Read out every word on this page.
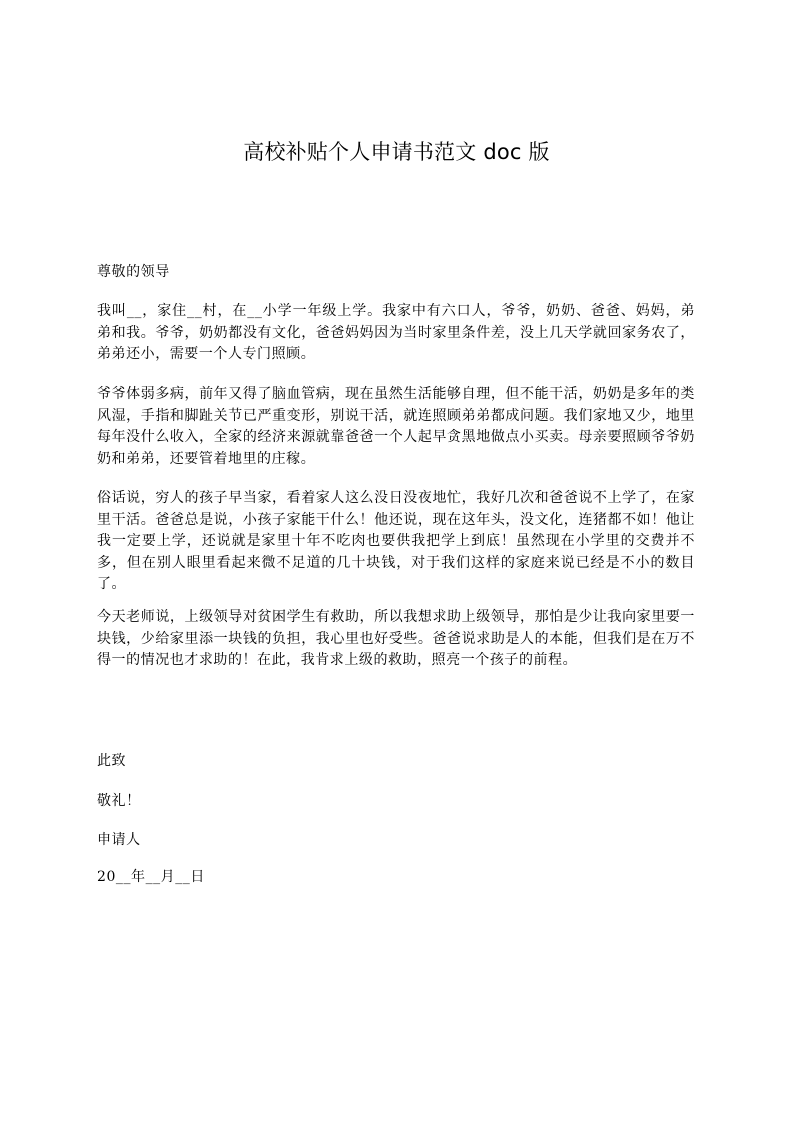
高校补贴个人申请书范文 doc 版

尊敬的领导

我叫__，家住__村，在__小学一年级上学。我家中有六口人，爷爷，奶奶、爸爸、妈妈，弟弟和我。爷爷，奶奶都没有文化，爸爸妈妈因为当时家里条件差，没上几天学就回家务农了，弟弟还小，需要一个人专门照顾。

爷爷体弱多病，前年又得了脑血管病，现在虽然生活能够自理，但不能干活，奶奶是多年的类风湿，手指和脚趾关节已严重变形，别说干活，就连照顾弟弟都成问题。我们家地又少，地里每年没什么收入，全家的经济来源就靠爸爸一个人起早贪黑地做点小买卖。母亲要照顾爷爷奶奶和弟弟，还要管着地里的庄稼。

俗话说，穷人的孩子早当家，看着家人这么没日没夜地忙，我好几次和爸爸说不上学了，在家里干活。爸爸总是说，小孩子家能干什么！他还说，现在这年头，没文化，连猪都不如！他让我一定要上学，还说就是家里十年不吃肉也要供我把学上到底！虽然现在小学里的交费并不多，但在别人眼里看起来微不足道的几十块钱，对于我们这样的家庭来说已经是不小的数目了。

今天老师说，上级领导对贫困学生有救助，所以我想求助上级领导，那怕是少让我向家里要一块钱，少给家里添一块钱的负担，我心里也好受些。爸爸说求助是人的本能，但我们是在万不得一的情况也才求助的！在此，我肯求上级的救助，照亮一个孩子的前程。

此致

敬礼！

申请人

20__年__月__日
